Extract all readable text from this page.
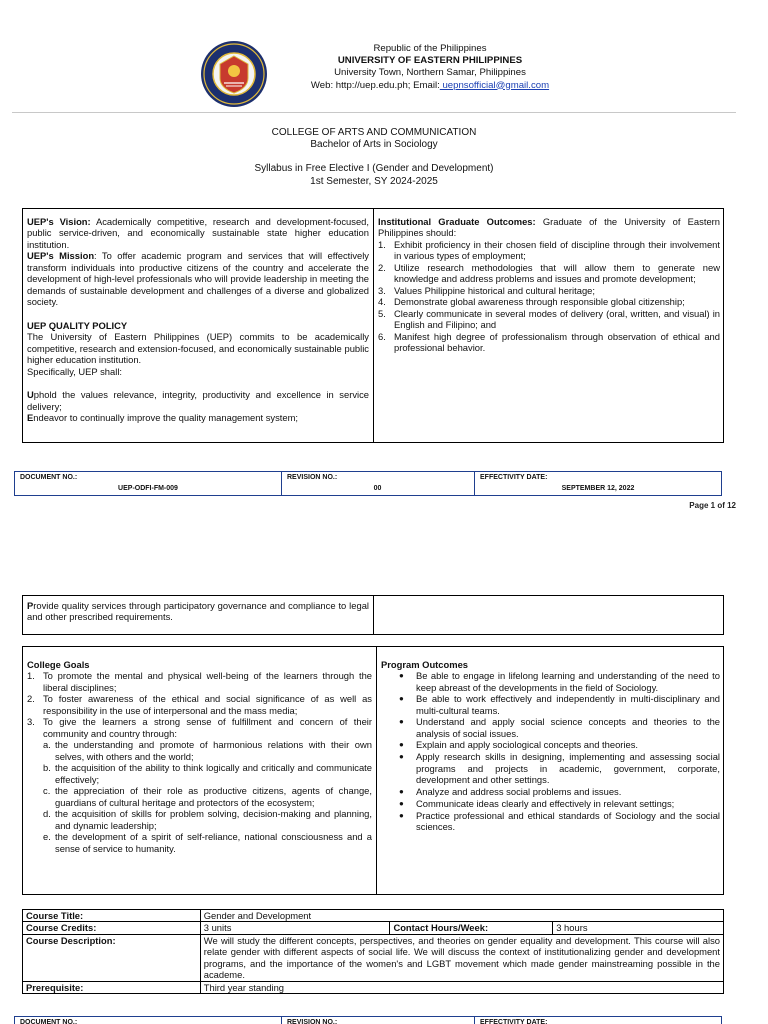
Republic of the Philippines
UNIVERSITY OF EASTERN PHILIPPINES
University Town, Northern Samar, Philippines
Web: http://uep.edu.ph; Email: uepnsofficial@gmail.com
COLLEGE OF ARTS AND COMMUNICATION
Bachelor of Arts in Sociology
Syllabus in Free Elective I (Gender and Development)
1st Semester, SY 2024-2025
UEP's Vision: Academically competitive, research and development-focused, public service-driven, and economically sustainable state higher education institution.
UEP's Mission: To offer academic program and services that will effectively transform individuals into productive citizens of the country and accelerate the development of high-level professionals who will provide leadership in meeting the demands of sustainable development and challenges of a diverse and globalized society.
UEP QUALITY POLICY
The University of Eastern Philippines (UEP) commits to be academically competitive, research and extension-focused, and economically sustainable public higher education institution.
Specifically, UEP shall:
Uphold the values relevance, integrity, productivity and excellence in service delivery;
Endeavor to continually improve the quality management system;
Institutional Graduate Outcomes: Graduate of the University of Eastern Philippines should:
1. Exhibit proficiency in their chosen field of discipline through their involvement in various types of employment;
2. Utilize research methodologies that will allow them to generate new knowledge and address problems and issues and promote development;
3. Values Philippine historical and cultural heritage;
4. Demonstrate global awareness through responsible global citizenship;
5. Clearly communicate in several modes of delivery (oral, written, and visual) in English and Filipino; and
6. Manifest high degree of professionalism through observation of ethical and professional behavior.
DOCUMENT NO.:
UEP-ODFI-FM-009
REVISION NO.:
00
EFFECTIVITY DATE:
SEPTEMBER 12, 2022
Page 1 of 12
Provide quality services through participatory governance and compliance to legal and other prescribed requirements.
College Goals
1. To promote the mental and physical well-being of the learners through the liberal disciplines;
2. To foster awareness of the ethical and social significance of as well as responsibility in the use of interpersonal and the mass media;
3. To give the learners a strong sense of fulfillment and concern of their community and country through:
a. the understanding and promote of harmonious relations with their own selves, with others and the world;
b. the acquisition of the ability to think logically and critically and communicate effectively;
c. the appreciation of their role as productive citizens, agents of change, guardians of cultural heritage and protectors of the ecosystem;
d. the acquisition of skills for problem solving, decision-making and planning, and dynamic leadership;
e. the development of a spirit of self-reliance, national consciousness and a sense of service to humanity.
Program Outcomes
●	Be able to engage in lifelong learning and understanding of the need to keep abreast of the developments in the field of Sociology.
●	Be able to work effectively and independently in multi-disciplinary and multi-cultural teams.
●	Understand and apply social science concepts and theories to the analysis of social issues.
●	Explain and apply sociological concepts and theories.
●	Apply research skills in designing, implementing and assessing social programs and projects in academic, government, corporate, development and other settings.
●	Analyze and address social problems and issues.
●	Communicate ideas clearly and effectively in relevant settings;
●	Practice professional and ethical standards of Sociology and the social sciences.
Course Title:	Gender and Development		
Course Credits:	3 units	Contact Hours/Week:	3 hours
Course Description:	We will study the different concepts, perspectives, and theories on gender equality and development. This course will also relate gender with different aspects of social life. We will discuss the context of institutionalizing gender and development programs, and the importance of the women's and LGBT movement which made gender mainstreaming possible in the academe.		
Prerequisite:	Third year standing		
DOCUMENT NO.:	REVISION NO.:	EFFECTIVITY DATE:
